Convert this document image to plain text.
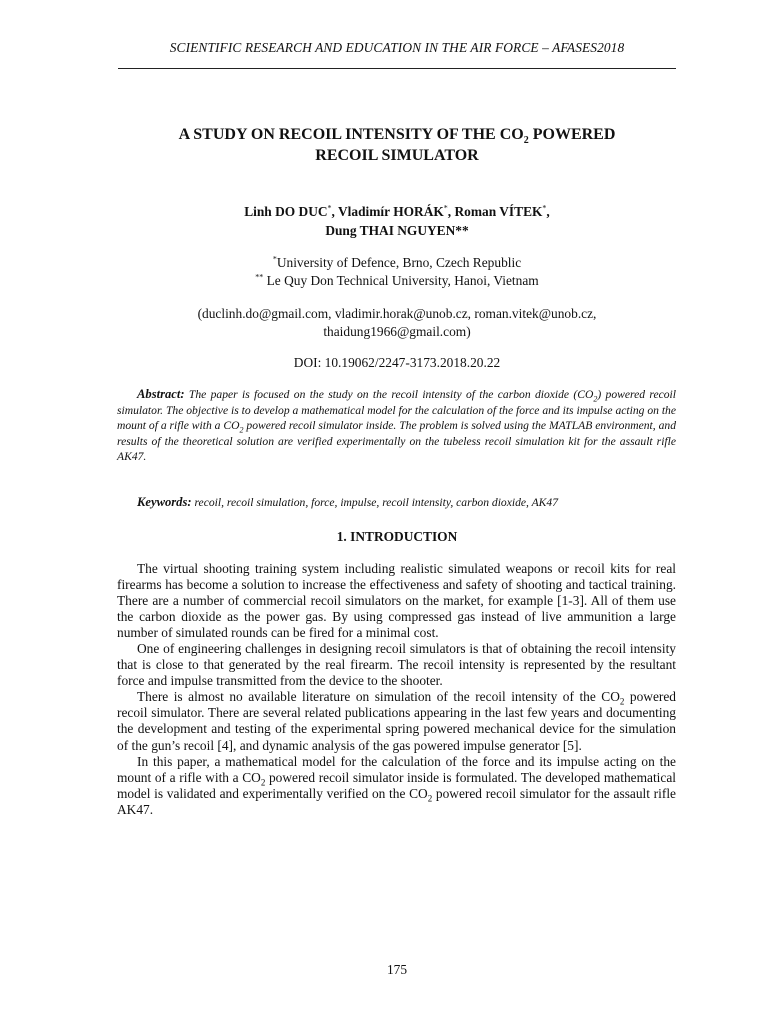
SCIENTIFIC RESEARCH AND EDUCATION IN THE AIR FORCE – AFASES2018
A STUDY ON RECOIL INTENSITY OF THE $CO_2$ POWERED
RECOIL SIMULATOR
Linh DO DUC*, Vladimír HORÁK*, Roman VÍTEK*,
Dung THAI NGUYEN**
*University of Defence, Brno, Czech Republic
** Le Quy Don Technical University, Hanoi, Vietnam
(duclinh.do@gmail.com, vladimir.horak@unob.cz, roman.vitek@unob.cz,
thaidung1966@gmail.com)
DOI: 10.19062/2247-3173.2018.20.22
Abstract: The paper is focused on the study on the recoil intensity of the carbon dioxide $(CO_2)$ powered recoil simulator. The objective is to develop a mathematical model for the calculation of the force and its impulse acting on the mount of a rifle with a $CO_2$ powered recoil simulator inside. The problem is solved using the MATLAB environment, and results of the theoretical solution are verified experimentally on the tubeless recoil simulation kit for the assault rifle AK47.
Keywords: recoil, recoil simulation, force, impulse, recoil intensity, carbon dioxide, AK47
1. INTRODUCTION

The virtual shooting training system including realistic simulated weapons or recoil kits for real firearms has become a solution to increase the effectiveness and safety of shooting and tactical training. There are a number of commercial recoil simulators on the market, for example [1-3]. All of them use the carbon dioxide as the power gas. By using compressed gas instead of live ammunition a large number of simulated rounds can be fired for a minimal cost.

One of engineering challenges in designing recoil simulators is that of obtaining the recoil intensity that is close to that generated by the real firearm. The recoil intensity is represented by the resultant force and impulse transmitted from the device to the shooter.

There is almost no available literature on simulation of the recoil intensity of the $CO_2$ powered recoil simulator. There are several related publications appearing in the last few years and documenting the development and testing of the experimental spring powered mechanical device for the simulation of the gun’s recoil [4], and dynamic analysis of the gas powered impulse generator [5].

In this paper, a mathematical model for the calculation of the force and its impulse acting on the mount of a rifle with a $CO_2$ powered recoil simulator inside is formulated. The developed mathematical model is validated and experimentally verified on the $CO_2$ powered recoil simulator for the assault rifle AK47.

175
